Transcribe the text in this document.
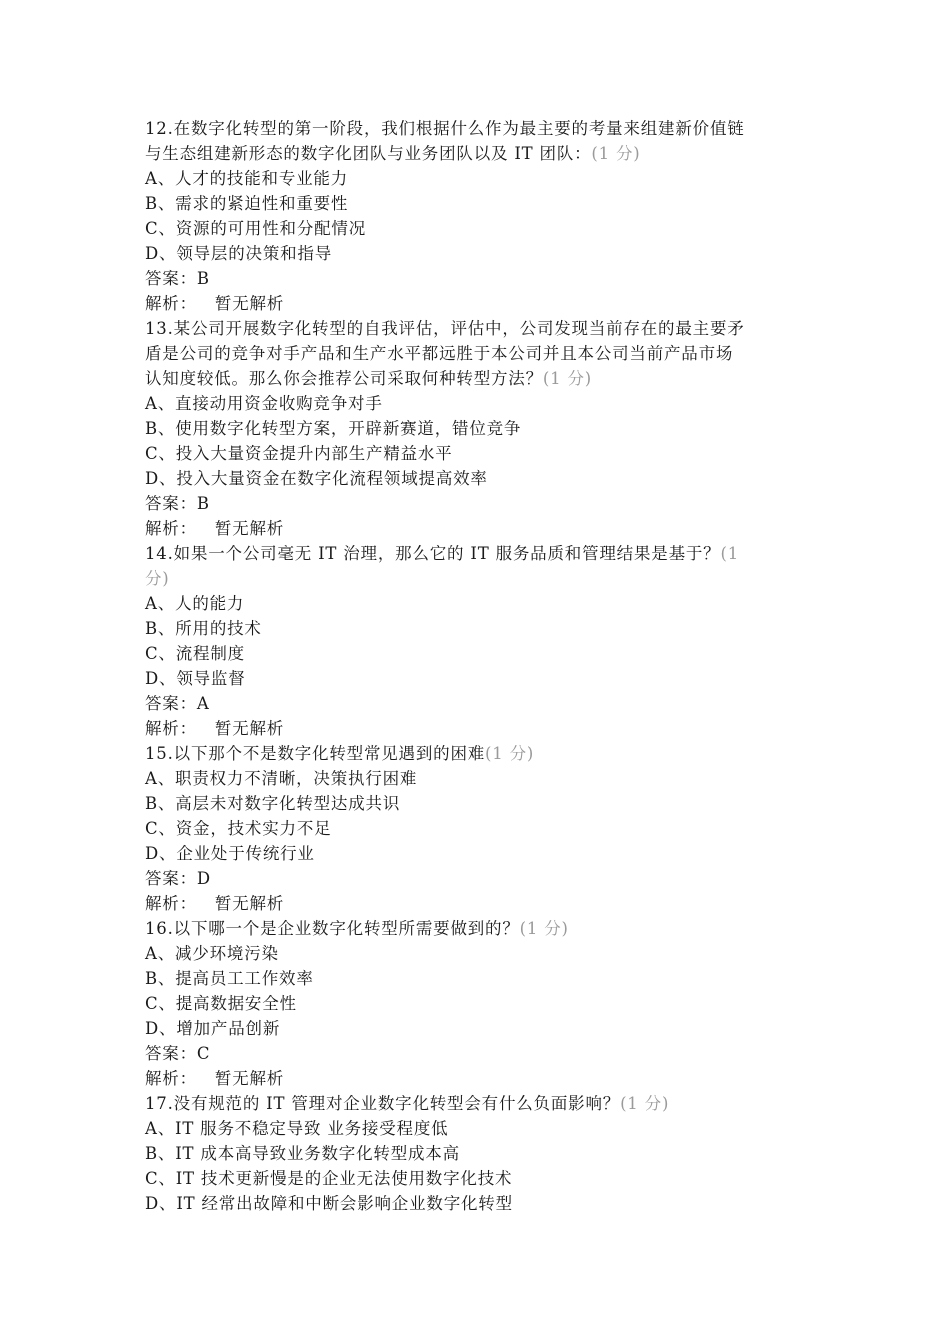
12.在数字化转型的第一阶段，我们根据什么作为最主要的考量来组建新价值链
与生态组建新形态的数字化团队与业务团队以及 IT 团队：(1 分)
A、人才的技能和专业能力
B、需求的紧迫性和重要性
C、资源的可用性和分配情况
D、领导层的决策和指导
答案：B
解析： 暂无解析
13.某公司开展数字化转型的自我评估，评估中，公司发现当前存在的最主要矛
盾是公司的竞争对手产品和生产水平都远胜于本公司并且本公司当前产品市场
认知度较低。那么你会推荐公司采取何种转型方法？(1 分)
A、直接动用资金收购竞争对手
B、使用数字化转型方案，开辟新赛道，错位竞争
C、投入大量资金提升内部生产精益水平
D、投入大量资金在数字化流程领域提高效率
答案：B
解析： 暂无解析
14.如果一个公司毫无 IT 治理，那么它的 IT 服务品质和管理结果是基于？(1
分)
A、人的能力
B、所用的技术
C、流程制度
D、领导监督
答案：A
解析： 暂无解析
15.以下那个不是数字化转型常见遇到的困难(1 分)
A、职责权力不清晰，决策执行困难
B、高层未对数字化转型达成共识
C、资金，技术实力不足
D、企业处于传统行业
答案：D
解析： 暂无解析
16.以下哪一个是企业数字化转型所需要做到的？(1 分)
A、减少环境污染
B、提高员工工作效率
C、提高数据安全性
D、增加产品创新
答案：C
解析： 暂无解析
17.没有规范的 IT 管理对企业数字化转型会有什么负面影响？(1 分)
A、IT 服务不稳定导致 业务接受程度低
B、IT 成本高导致业务数字化转型成本高
C、IT 技术更新慢是的企业无法使用数字化技术
D、IT 经常出故障和中断会影响企业数字化转型
